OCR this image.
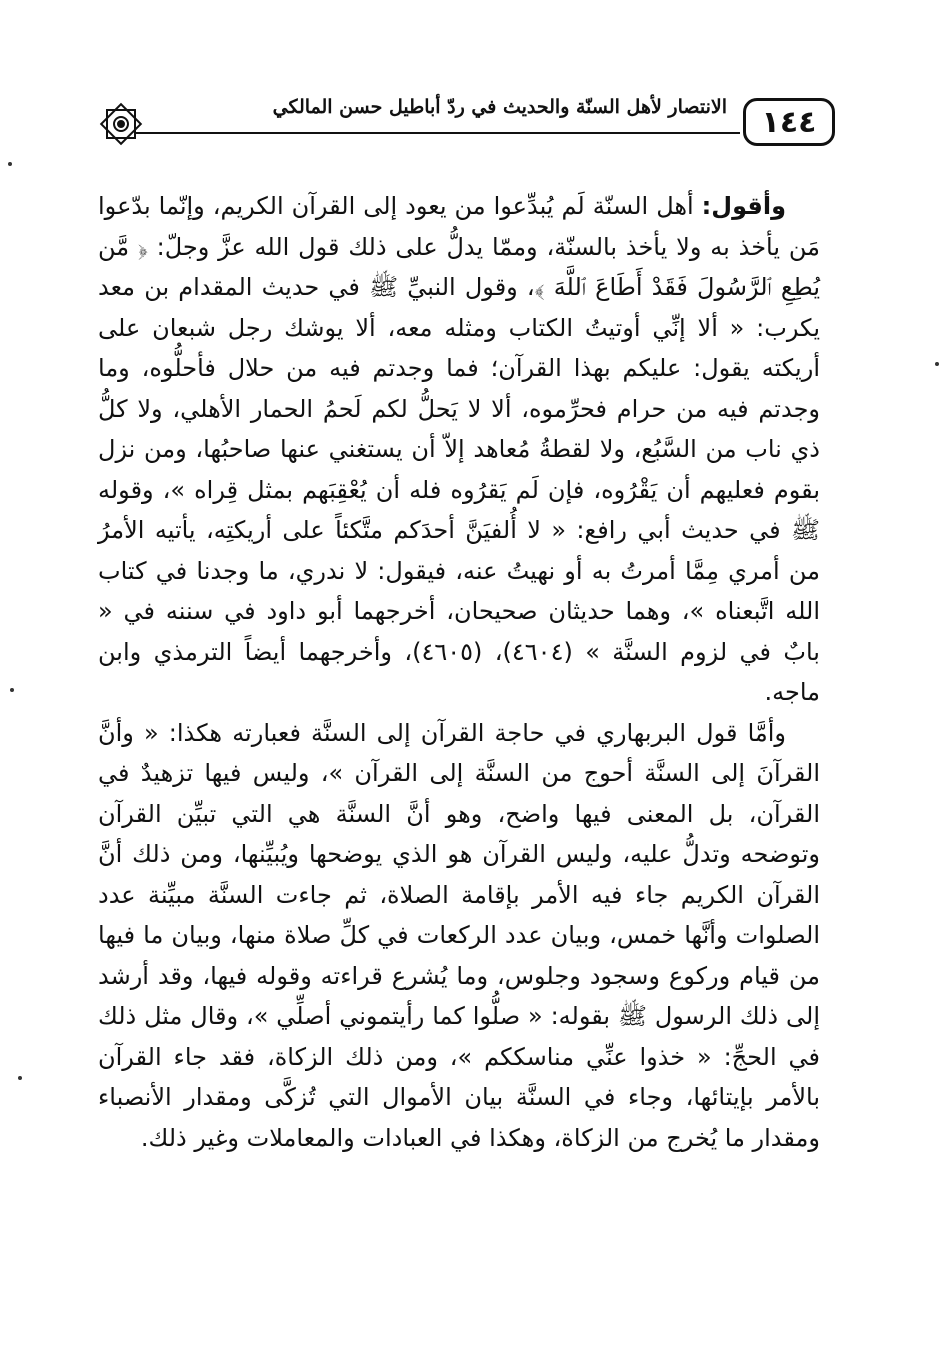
الانتصار لأهل السنّة والحديث في ردّ أباطيل حسن المالكي	١٤٤

وأقول: أهل السنّة لَم يُبدِّعوا من يعود إلى القرآن الكريم، وإنّما بدّعوا مَن يأخذ به ولا يأخذ بالسنّة، وممّا يدلُّ على ذلك قول الله عزَّ وجلّ: ﴿ مَّن يُطِعِ ٱلرَّسُولَ فَقَدْ أَطَاعَ ٱللَّهَ ﴾، وقول النبيِّ ﷺ في حديث المقدام بن معد يكرب: « ألا إنِّي أوتيتُ الكتاب ومثله معه، ألا يوشك رجل شبعان على أريكته يقول: عليكم بهذا القرآن؛ فما وجدتم فيه من حلال فأحلُّوه، وما وجدتم فيه من حرام فحرِّموه، ألا لا يَحلُّ لكم لَحمُ الحمار الأهلي، ولا كلُّ ذي ناب من السَّبُع، ولا لقطةُ مُعاهد إلاّ أن يستغني عنها صاحبُها، ومن نزل بقوم فعليهم أن يَقْرُوه، فإن لَم يَقرُوه فله أن يُعْقِبَهم بمثل قِراه »، وقوله ﷺ في حديث أبي رافع: « لا أُلفيَنَّ أحدَكم متَّكئاً على أريكتِه، يأتيه الأمرُ من أمري مِمَّا أمرتُ به أو نهيتُ عنه، فيقول: لا ندري، ما وجدنا في كتاب الله اتَّبعناه »، وهما حديثان صحيحان، أخرجهما أبو داود في سننه في « بابٌ في لزوم السنَّة » (٤٦٠٤)، (٤٦٠٥)، وأخرجهما أيضاً الترمذي وابن ماجه.

وأمَّا قول البربهاري في حاجة القرآن إلى السنَّة فعبارته هكذا: « وأنَّ القرآنَ إلى السنَّة أحوج من السنَّة إلى القرآن »، وليس فيها تزهيدٌ في القرآن، بل المعنى فيها واضح، وهو أنَّ السنَّة هي التي تبيِّن القرآن وتوضحه وتدلُّ عليه، وليس القرآن هو الذي يوضحها ويُبيِّنها، ومن ذلك أنَّ القرآن الكريم جاء فيه الأمر بإقامة الصلاة، ثم جاءت السنَّة مبيِّنة عدد الصلوات وأنَّها خمس، وبيان عدد الركعات في كلِّ صلاة منها، وبيان ما فيها من قيام وركوع وسجود وجلوس، وما يُشرع قراءته وقوله فيها، وقد أرشد إلى ذلك الرسول ﷺ بقوله: « صلُّوا كما رأيتموني أصلِّي »، وقال مثل ذلك في الحجِّ: « خذوا عنِّي مناسككم »، ومن ذلك الزكاة، فقد جاء القرآن بالأمر بإيتائها، وجاء في السنَّة بيان الأموال التي تُزكَّى ومقدار الأنصباء ومقدار ما يُخرج من الزكاة، وهكذا في العبادات والمعاملات وغير ذلك.
